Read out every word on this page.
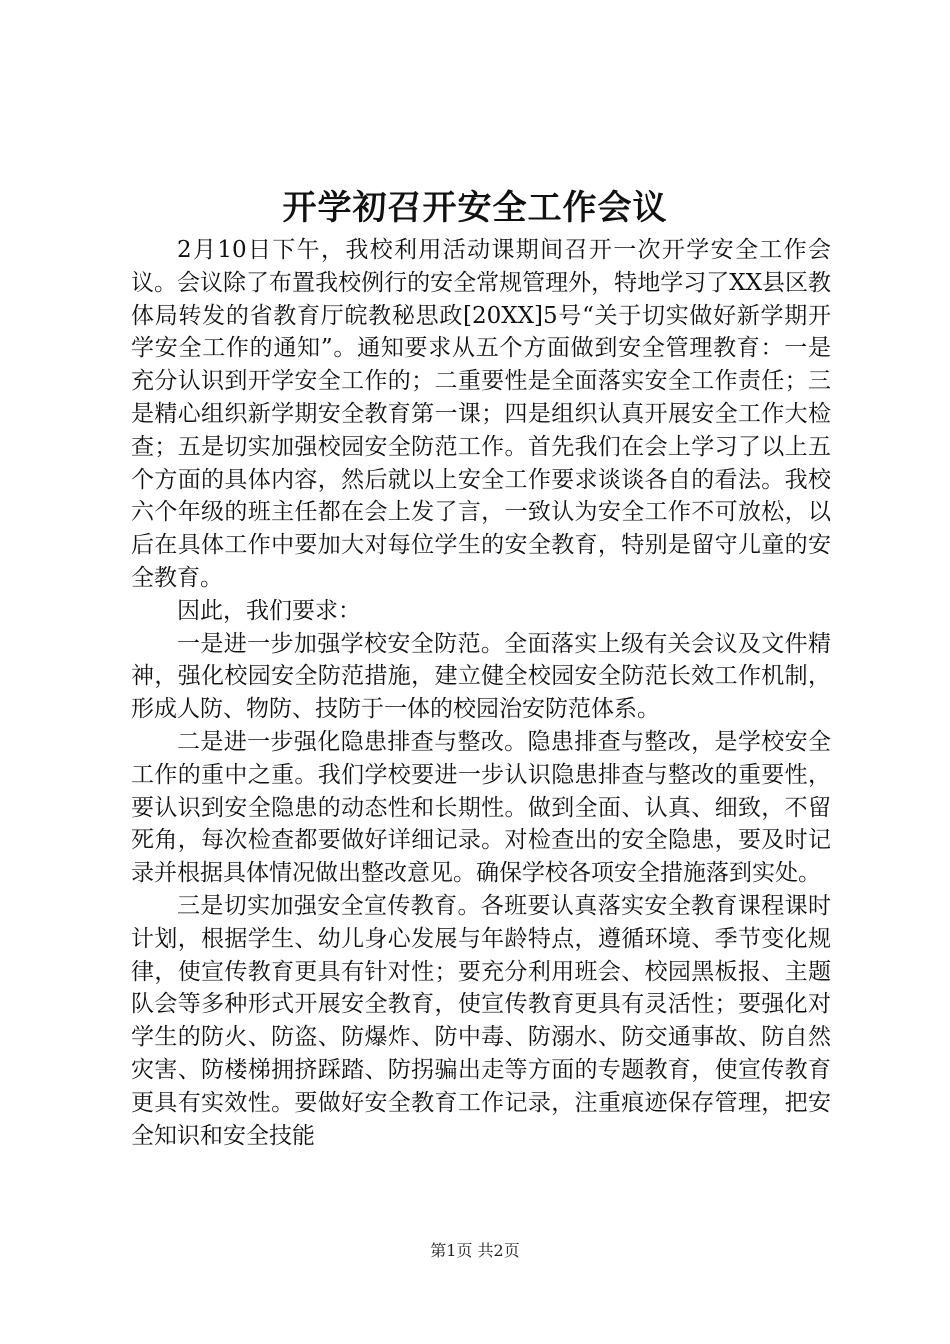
开学初召开安全工作会议

2月10日下午，我校利用活动课期间召开一次开学安全工作会议。会议除了布置我校例行的安全常规管理外，特地学习了XX县区教体局转发的省教育厅皖教秘思政[20XX]5号“关于切实做好新学期开学安全工作的通知”。通知要求从五个方面做到安全管理教育：一是充分认识到开学安全工作的；二重要性是全面落实安全工作责任；三是精心组织新学期安全教育第一课；四是组织认真开展安全工作大检查；五是切实加强校园安全防范工作。首先我们在会上学习了以上五个方面的具体内容，然后就以上安全工作要求谈谈各自的看法。我校六个年级的班主任都在会上发了言，一致认为安全工作不可放松，以后在具体工作中要加大对每位学生的安全教育，特别是留守儿童的安全教育。

因此，我们要求：

一是进一步加强学校安全防范。全面落实上级有关会议及文件精神，强化校园安全防范措施，建立健全校园安全防范长效工作机制，形成人防、物防、技防于一体的校园治安防范体系。

二是进一步强化隐患排查与整改。隐患排查与整改，是学校安全工作的重中之重。我们学校要进一步认识隐患排查与整改的重要性，要认识到安全隐患的动态性和长期性。做到全面、认真、细致，不留死角，每次检查都要做好详细记录。对检查出的安全隐患，要及时记录并根据具体情况做出整改意见。确保学校各项安全措施落到实处。

三是切实加强安全宣传教育。各班要认真落实安全教育课程课时计划，根据学生、幼儿身心发展与年龄特点，遵循环境、季节变化规律，使宣传教育更具有针对性；要充分利用班会、校园黑板报、主题队会等多种形式开展安全教育，使宣传教育更具有灵活性；要强化对学生的防火、防盗、防爆炸、防中毒、防溺水、防交通事故、防自然灾害、防楼梯拥挤踩踏、防拐骗出走等方面的专题教育，使宣传教育更具有实效性。要做好安全教育工作记录，注重痕迹保存管理，把安全知识和安全技能

第1页 共2页
